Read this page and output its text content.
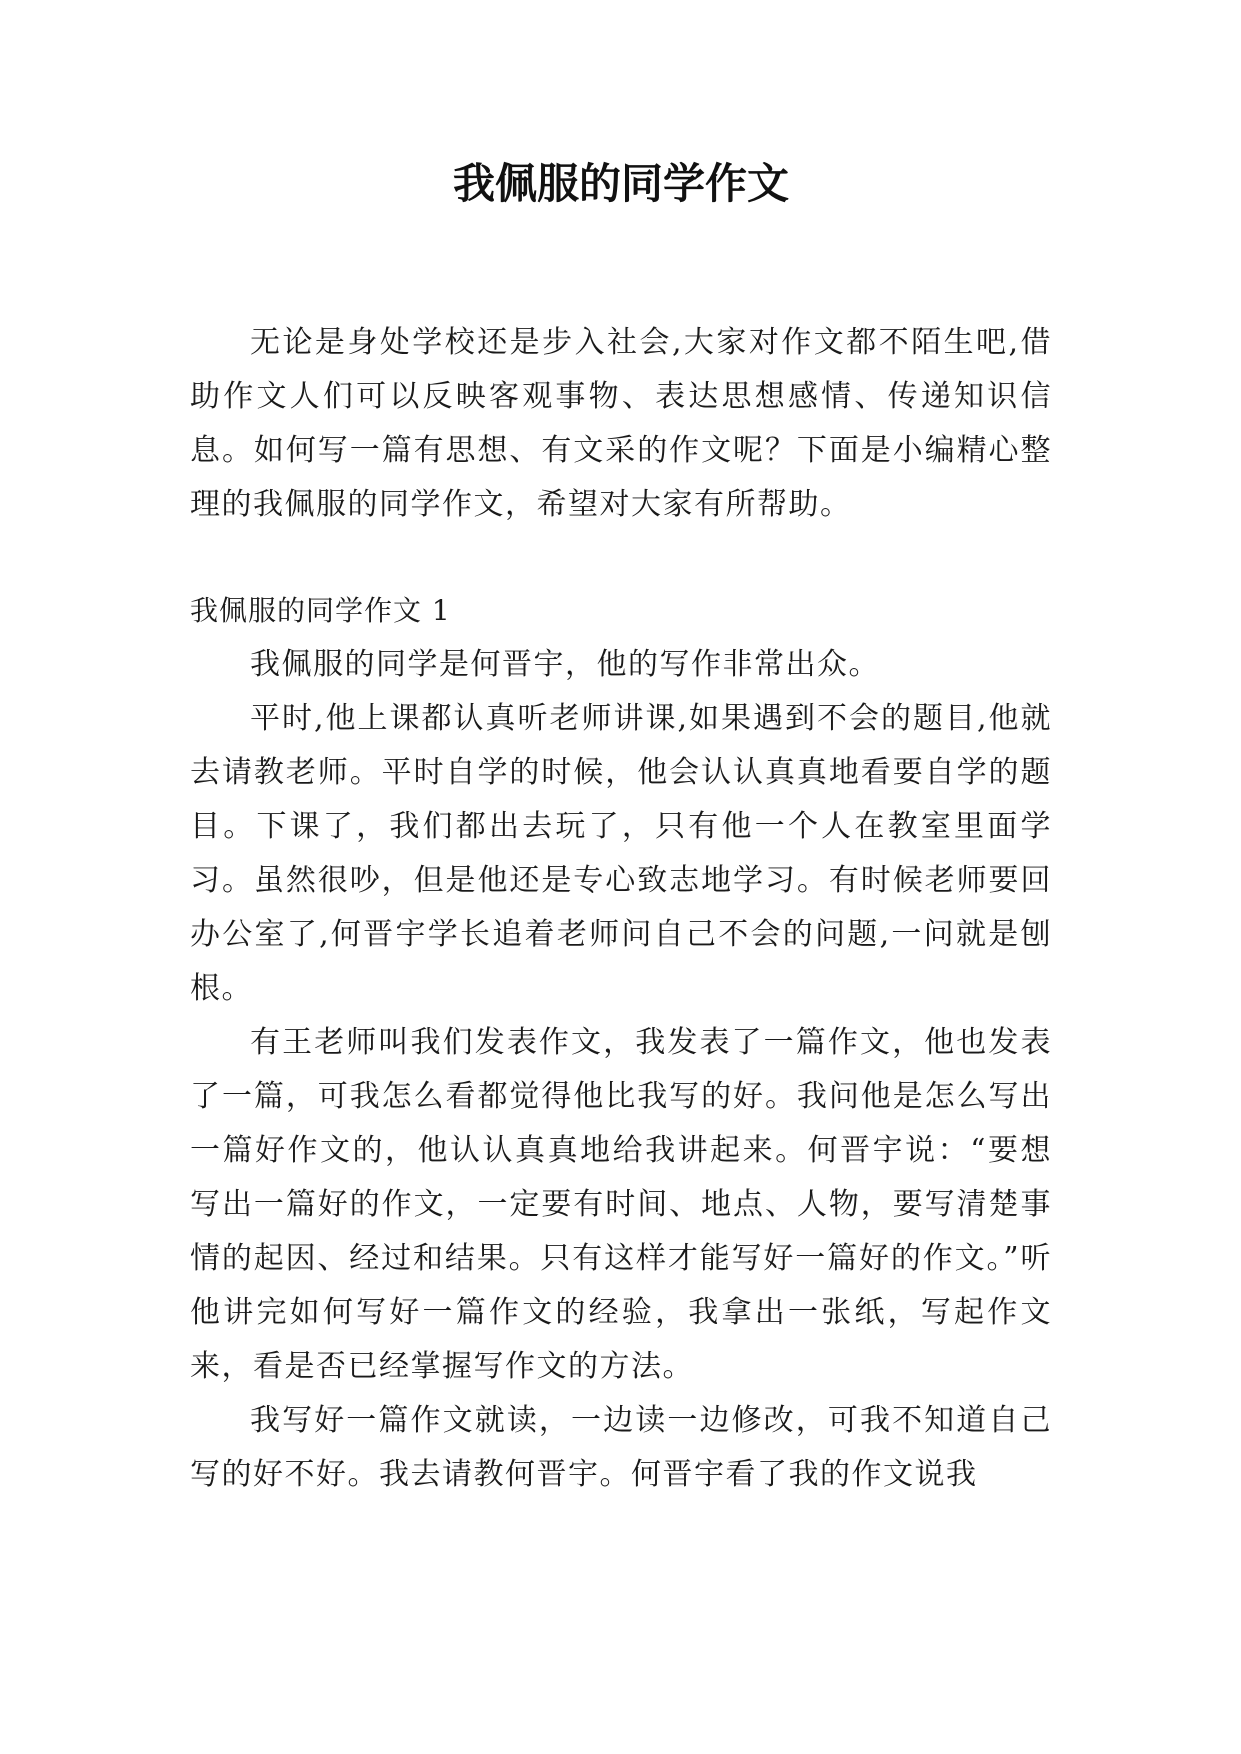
我佩服的同学作文

无论是身处学校还是步入社会,大家对作文都不陌生吧,借助作文人们可以反映客观事物、表达思想感情、传递知识信息。如何写一篇有思想、有文采的作文呢？下面是小编精心整理的我佩服的同学作文，希望对大家有所帮助。

我佩服的同学作文 1

我佩服的同学是何晋宇，他的写作非常出众。

平时,他上课都认真听老师讲课,如果遇到不会的题目,他就去请教老师。平时自学的时候，他会认认真真地看要自学的题目。下课了，我们都出去玩了，只有他一个人在教室里面学习。虽然很吵，但是他还是专心致志地学习。有时候老师要回办公室了,何晋宇学长追着老师问自己不会的问题,一问就是刨根。

有王老师叫我们发表作文，我发表了一篇作文，他也发表了一篇，可我怎么看都觉得他比我写的好。我问他是怎么写出一篇好作文的，他认认真真地给我讲起来。何晋宇说：“要想写出一篇好的作文，一定要有时间、地点、人物，要写清楚事情的起因、经过和结果。只有这样才能写好一篇好的作文。”听他讲完如何写好一篇作文的经验，我拿出一张纸，写起作文来，看是否已经掌握写作文的方法。

我写好一篇作文就读，一边读一边修改，可我不知道自己写的好不好。我去请教何晋宇。何晋宇看了我的作文说我
